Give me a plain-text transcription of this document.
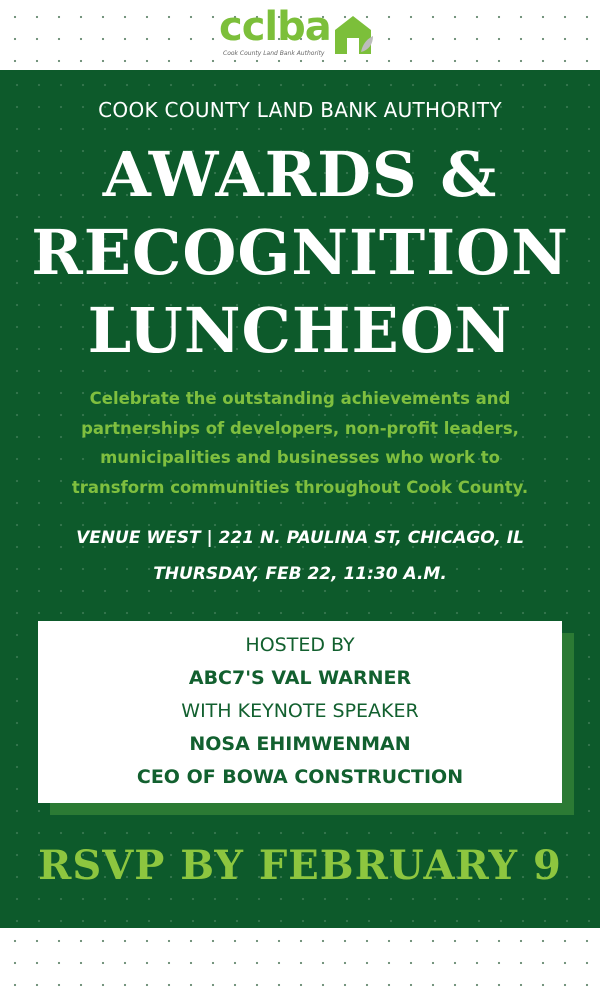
cclba
Cook County Land Bank Authority
COOK COUNTY LAND BANK AUTHORITY
AWARDS &
RECOGNITION
LUNCHEON

Celebrate the outstanding achievements and
partnerships of developers, non-profit leaders,
municipalities and businesses who work to
transform communities throughout Cook County.

VENUE WEST | 221 N. PAULINA ST, CHICAGO, IL
THURSDAY, FEB 22, 11:30 A.M.
HOSTED BY
ABC7'S VAL WARNER
WITH KEYNOTE SPEAKER
NOSA EHIMWENMAN
CEO OF BOWA CONSTRUCTION
RSVP BY FEBRUARY 9
